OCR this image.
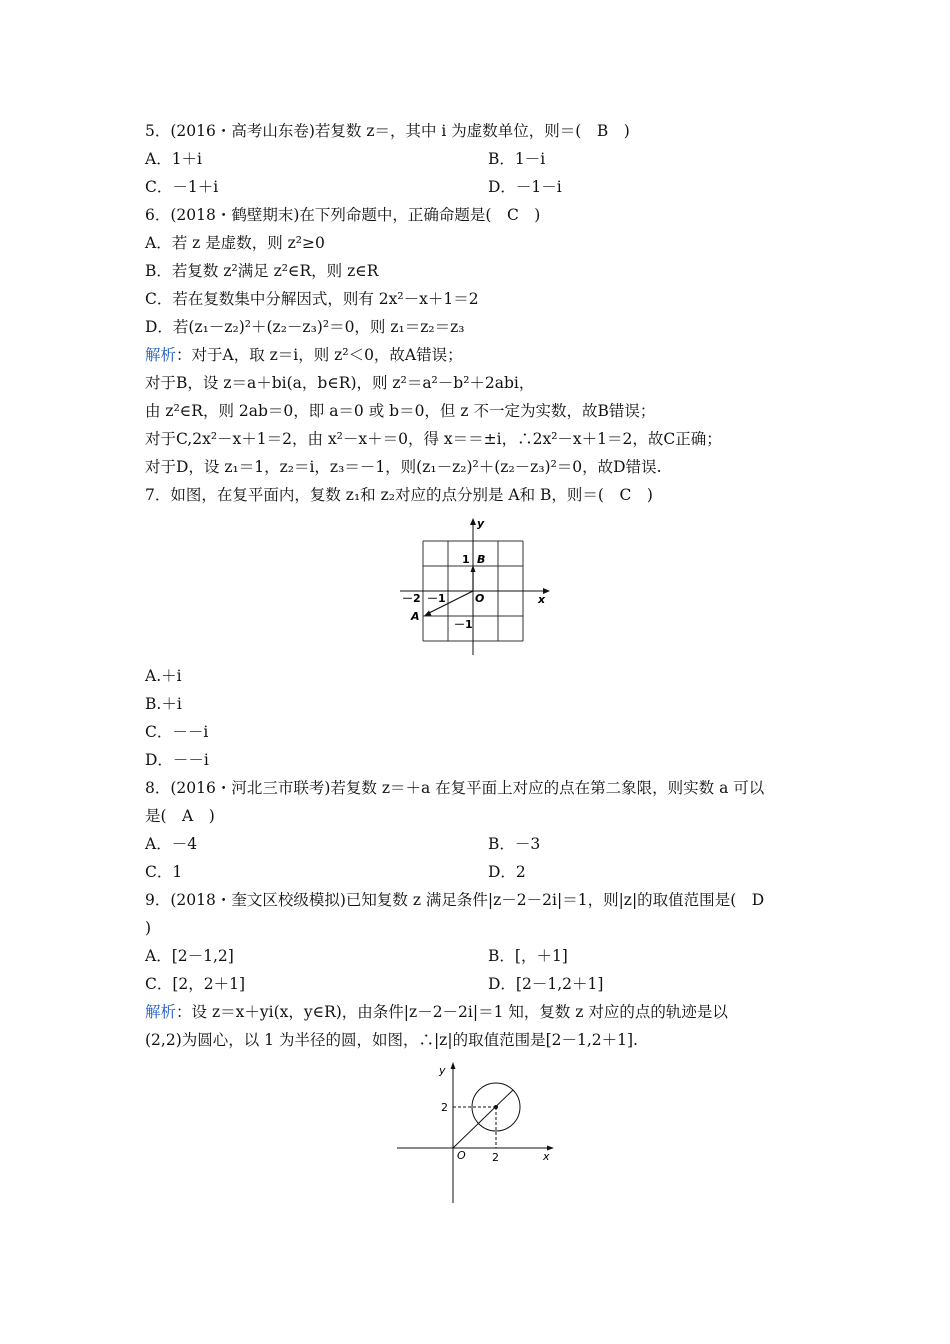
5．(2016・高考山东卷)若复数 z＝，其中 i 为虚数单位，则＝(　B　)
A．1＋i	B．1－i
C．－1＋i	D．－1－i
6．(2018・鹤壁期末)在下列命题中，正确命题是(　C　)
A．若 z 是虚数，则 z²≥0
B．若复数 z²满足 z²∈R，则 z∈R
C．若在复数集中分解因式，则有 2x²－x＋1＝2
D．若(z₁－z₂)²＋(z₂－z₃)²＝0，则 z₁＝z₂＝z₃
解析：对于A，取 z＝i，则 z²＜0，故A错误；
对于B，设 z＝a＋bi(a，b∈R)，则 z²＝a²－b²＋2abi，
由 z²∈R，则 2ab＝0，即 a＝0 或 b＝0，但 z 不一定为实数，故B错误；
对于C,2x²－x＋1＝2，由 x²－x＋＝0，得 x＝＝±i，∴2x²－x＋1＝2，故C正确；
对于D，设 z₁＝1，z₂＝i，z₃＝－1，则(z₁－z₂)²＋(z₂－z₃)²＝0，故D错误.
7．如图，在复平面内，复数 z₁和 z₂对应的点分别是 A和 B，则＝(　C　)
y
x
O
B
A
1
－2 －1
－1
A.＋i
B.＋i
C．－－i
D．－－i
8．(2016・河北三市联考)若复数 z＝＋a 在复平面上对应的点在第二象限，则实数 a 可以
是(　A　)
A．－4	B．－3
C．1	D．2
9．(2018・奎文区校级模拟)已知复数 z 满足条件|z－2－2i|＝1，则|z|的取值范围是(　D
)
A．[2－1,2]	B．[，＋1]
C．[2，2＋1]	D．[2－1,2＋1]
解析：设 z＝x＋yi(x，y∈R)，由条件|z－2－2i|＝1 知，复数 z 对应的点的轨迹是以
(2,2)为圆心，以 1 为半径的圆，如图，∴|z|的取值范围是[2－1,2＋1].
y
x
O
2
2
